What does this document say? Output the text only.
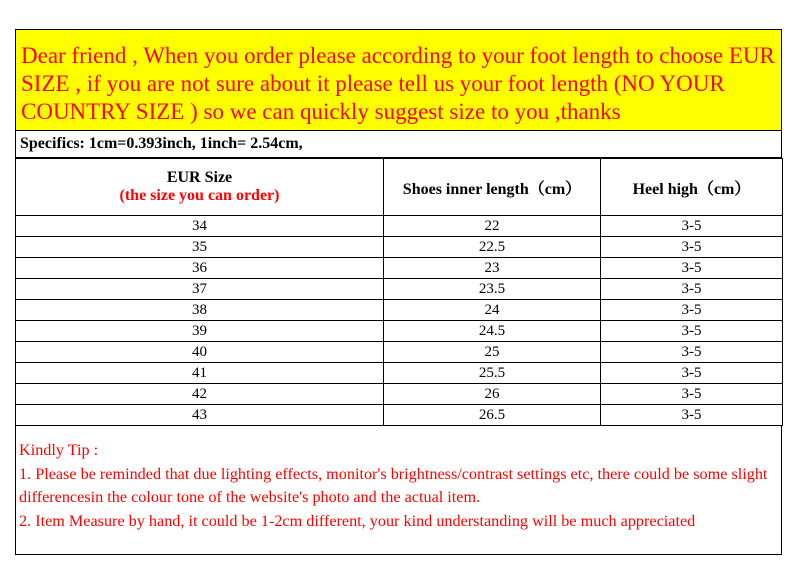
Dear friend , When you order please according to your foot length to choose EUR SIZE , if you are not sure about it please tell us your foot length (NO YOUR COUNTRY SIZE ) so we can quickly suggest size to you ,thanks
Specifics: 1cm=0.393inch, 1inch= 2.54cm,
EUR Size
(the size you can order)	Shoes inner length（cm）	Heel high（cm）
34	22	3-5
35	22.5	3-5
36	23	3-5
37	23.5	3-5
38	24	3-5
39	24.5	3-5
40	25	3-5
41	25.5	3-5
42	26	3-5
43	26.5	3-5
Kindly Tip :
1. Please be reminded that due lighting effects, monitor's brightness/contrast settings etc, there could be some slight differencesin the colour tone of the website's photo and the actual item.
2. Item Measure by hand, it could be 1-2cm different, your kind understanding will be much appreciated
